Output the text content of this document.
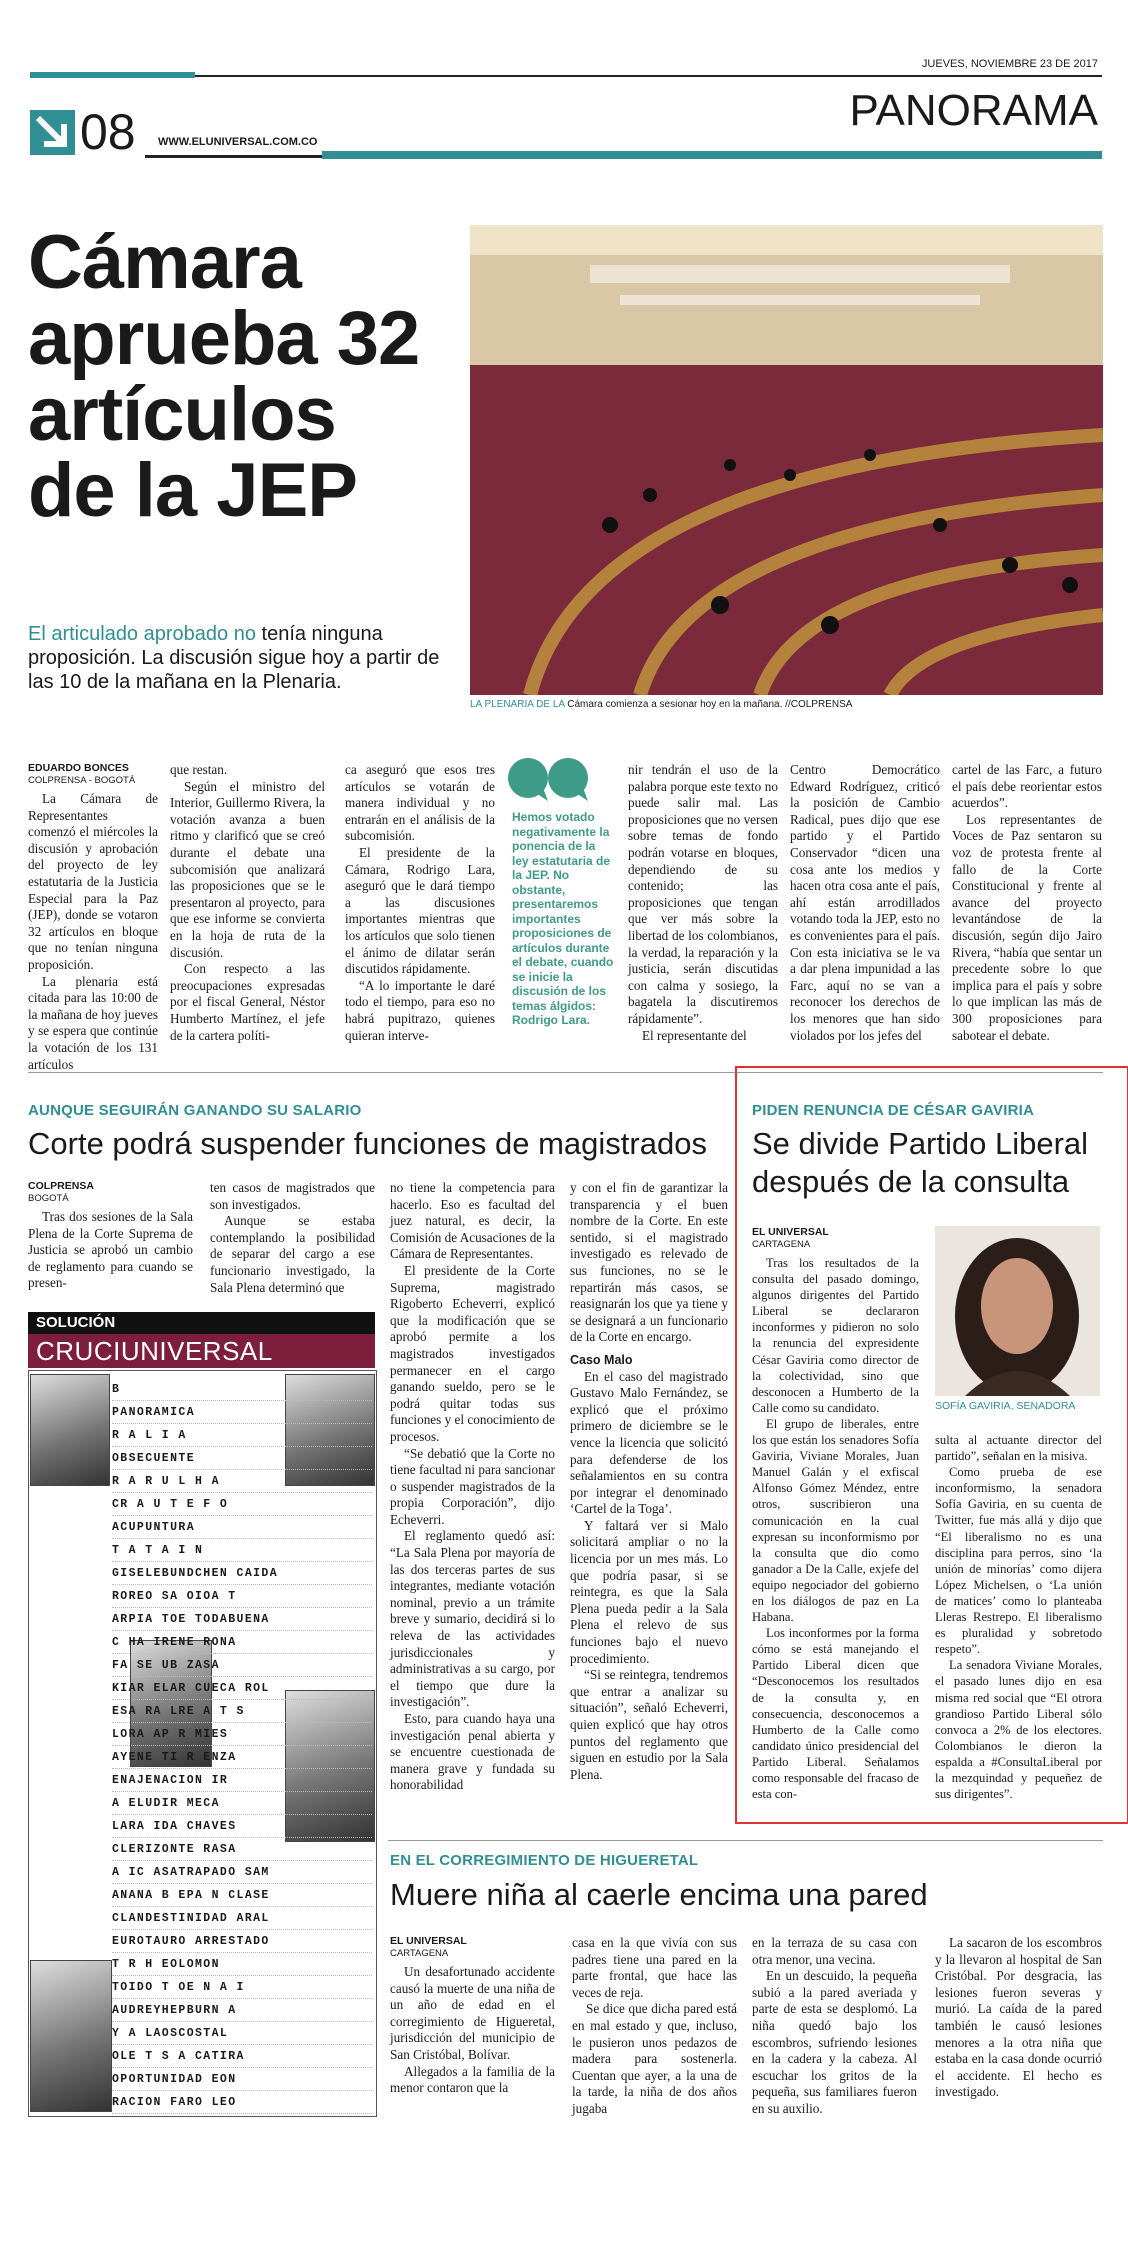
JUEVES, NOVIEMBRE 23 DE 2017
08 WWW.ELUNIVERSAL.COM.CO
PANORAMA
Cámara
aprueba 32
artículos
de la JEP
El articulado aprobado no tenía ninguna proposición. La discusión sigue hoy a partir de las 10 de la mañana en la Plenaria.
LA PLENARIA DE LA Cámara comienza a sesionar hoy en la mañana. //COLPRENSA

EDUARDO BONCES

COLPRENSA - BOGOTÁ

La Cámara de Representantes comenzó el miércoles la discusión y aprobación del proyecto de ley estatutaria de la Justicia Especial para la Paz (JEP), donde se votaron 32 artículos en bloque que no tenían ninguna proposición.

La plenaria está citada para las 10:00 de la mañana de hoy jueves y se espera que continúe la votación de los 131 artículos

que restan.

Según el ministro del Interior, Guillermo Rivera, la votación avanza a buen ritmo y clarificó que se creó durante el debate una subcomisión que analizará las proposiciones que se le presentaron al proyecto, para que ese informe se convierta en la hoja de ruta de la discusión.

Con respecto a las preocupaciones expresadas por el fiscal General, Néstor Humberto Martínez, el jefe de la cartera políti-

ca aseguró que esos tres artículos se votarán de manera individual y no entrarán en el análisis de la subcomisión.

El presidente de la Cámara, Rodrigo Lara, aseguró que le dará tiempo a las discusiones importantes mientras que los artículos que solo tienen el ánimo de dilatar serán discutidos rápidamente.

“A lo importante le daré todo el tiempo, para eso no habrá pupitrazo, quienes quieran interve-

Hemos votado negativamente la ponencia de la ley estatutaria de la JEP. No obstante, presentaremos importantes proposiciones de artículos durante el debate, cuando se inicie la discusión de los temas álgidos: Rodrigo Lara.

nir tendrán el uso de la palabra porque este texto no puede salir mal. Las proposiciones que no versen sobre temas de fondo podrán votarse en bloques, dependiendo de su contenido; las proposiciones que tengan que ver más sobre la libertad de los colombianos, la verdad, la reparación y la justicia, serán discutidas con calma y sosiego, la bagatela la discutiremos rápidamente”.

El representante del

Centro Democrático Edward Rodríguez, criticó la posición de Cambio Radical, pues dijo que ese partido y el Partido Conservador “dicen una cosa ante los medios y hacen otra cosa ante el país, ahí están arrodillados votando toda la JEP, esto no es convenientes para el país. Con esta iniciativa se le va a dar plena impunidad a las Farc, aquí no se van a reconocer los derechos de los menores que han sido violados por los jefes del

cartel de las Farc, a futuro el país debe reorientar estos acuerdos”.

Los representantes de Voces de Paz sentaron su voz de protesta frente al fallo de la Corte Constitucional y frente al avance del proyecto levantándose de la discusión, según dijo Jairo Rivera, “había que sentar un precedente sobre lo que implica para el país y sobre lo que implican las más de 300 proposiciones para sabotear el debate.

AUNQUE SEGUIRÁN GANANDO SU SALARIO
Corte podrá suspender funciones de magistrados

COLPRENSA

BOGOTÁ

Tras dos sesiones de la Sala Plena de la Corte Suprema de Justicia se aprobó un cambio de reglamento para cuando se presen-

ten casos de magistrados que son investigados.

Aunque se estaba contemplando la posibilidad de separar del cargo a ese funcionario investigado, la Sala Plena determinó que

no tiene la competencia para hacerlo. Eso es facultad del juez natural, es decir, la Comisión de Acusaciones de la Cámara de Representantes.

El presidente de la Corte Suprema, magistrado Rigoberto Echeverri, explicó que la modificación que se aprobó permite a los magistrados investigados permanecer en el cargo ganando sueldo, pero se le podrá quitar todas sus funciones y el conocimiento de procesos.

“Se debatió que la Corte no tiene facultad ni para sancionar o suspender magistrados de la propia Corporación”, dijo Echeverri.

El reglamento quedó así: “La Sala Plena por mayoría de las dos terceras partes de sus integrantes, mediante votación nominal, previo a un trámite breve y sumario, decidirá si lo releva de las actividades jurisdiccionales y administrativas a su cargo, por el tiempo que dure la investigación”.

Esto, para cuando haya una investigación penal abierta y se encuentre cuestionada de manera grave y fundada su honorabilidad

y con el fin de garantizar la transparencia y el buen nombre de la Corte. En este sentido, si el magistrado investigado es relevado de sus funciones, no se le repartirán más casos, se reasignarán los que ya tiene y se designará a un funcionario de la Corte en encargo.

Caso Malo

En el caso del magistrado Gustavo Malo Fernández, se explicó que el próximo primero de diciembre se le vence la licencia que solicitó para defenderse de los señalamientos en su contra por integrar el denominado ‘Cartel de la Toga’.

Y faltará ver si Malo solicitará ampliar o no la licencia por un mes más. Lo que podría pasar, si se reintegra, es que la Sala Plena pueda pedir a la Sala Plena el relevo de sus funciones bajo el nuevo procedimiento.

“Si se reintegra, tendremos que entrar a analizar su situación”, señaló Echeverri, quien explicó que hay otros puntos del reglamento que siguen en estudio por la Sala Plena.

SOLUCIÓN
CRUCIUNIVERSAL
B
PANORAMICA
R A L I A
OBSECUENTE
R A R U L H A
CR A U T E F O
ACUPUNTURA
T A T A I N
GISELEBUNDCHEN CAIDA
ROREO SA OIOA T
ARPIA TOE TODABUENA
C HA IRENE RONA
FA SE UB ZASA
KIAR ELAR CUECA ROL
ESA RA LRE A T S
LORA AP R MIES
AYENE TI R ENZA
ENAJENACION IR
A ELUDIR MECA
LARA IDA CHAVES
CLERIZONTE RASA
A IC ASATRAPADO SAM
ANANA B EPA N CLASE
CLANDESTINIDAD ARAL
EUROTAURO ARRESTADO
T R H EOLOMON
TOIDO T OE N A I
AUDREYHEPBURN A
Y A LAOSCOSTAL
OLE T S A CATIRA
OPORTUNIDAD EON
RACION FARO LEO
PIDEN RENUNCIA DE CÉSAR GAVIRIA
Se divide Partido Liberal después de la consulta

EL UNIVERSAL

CARTAGENA

Tras los resultados de la consulta del pasado domingo, algunos dirigentes del Partido Liberal se declararon inconformes y pidieron no solo la renuncia del expresidente César Gaviria como director de la colectividad, sino que desconocen a Humberto de la Calle como su candidato.

El grupo de liberales, entre los que están los senadores Sofía Gaviria, Viviane Morales, Juan Manuel Galán y el exfiscal Alfonso Gómez Méndez, entre otros, suscribieron una comunicación en la cual expresan su inconformismo por la consulta que dio como ganador a De la Calle, exjefe del equipo negociador del gobierno en los diálogos de paz en La Habana.

Los inconformes por la forma cómo se está manejando el Partido Liberal dicen que “Desconocemos los resultados de la consulta y, en consecuencia, desconocemos a Humberto de la Calle como candidato único presidencial del Partido Liberal. Señalamos como responsable del fracaso de esta con-

SOFÍA GAVIRIA, SENADORA

sulta al actuante director del partido”, señalan en la misiva.

Como prueba de ese inconformismo, la senadora Sofía Gaviria, en su cuenta de Twitter, fue más allá y dijo que “El liberalismo no es una disciplina para perros, sino ‘la unión de minorías’ como dijera López Michelsen, o ‘La unión de matices’ como lo planteaba Lleras Restrepo. El liberalismo es pluralidad y sobretodo respeto”.

La senadora Viviane Morales, el pasado lunes dijo en esa misma red social que “El otrora grandioso Partido Liberal sólo convoca a 2% de los electores. Colombianos le dieron la espalda a #ConsultaLiberal por la mezquindad y pequeñez de sus dirigentes”.

EN EL CORREGIMIENTO DE HIGUERETAL
Muere niña al caerle encima una pared

EL UNIVERSAL

CARTAGENA

Un desafortunado accidente causó la muerte de una niña de un año de edad en el corregimiento de Higueretal, jurisdicción del municipio de San Cristóbal, Bolívar.

Allegados a la familia de la menor contaron que la

casa en la que vivía con sus padres tiene una pared en la parte frontal, que hace las veces de reja.

Se dice que dicha pared está en mal estado y que, incluso, le pusieron unos pedazos de madera para sostenerla. Cuentan que ayer, a la una de la tarde, la niña de dos años jugaba

en la terraza de su casa con otra menor, una vecina.

En un descuido, la pequeña subió a la pared averiada y parte de esta se desplomó. La niña quedó bajo los escombros, sufriendo lesiones en la cadera y la cabeza. Al escuchar los gritos de la pequeña, sus familiares fueron en su auxilio.

La sacaron de los escombros y la llevaron al hospital de San Cristóbal. Por desgracia, las lesiones fueron severas y murió. La caída de la pared también le causó lesiones menores a la otra niña que estaba en la casa donde ocurrió el accidente. El hecho es investigado.
